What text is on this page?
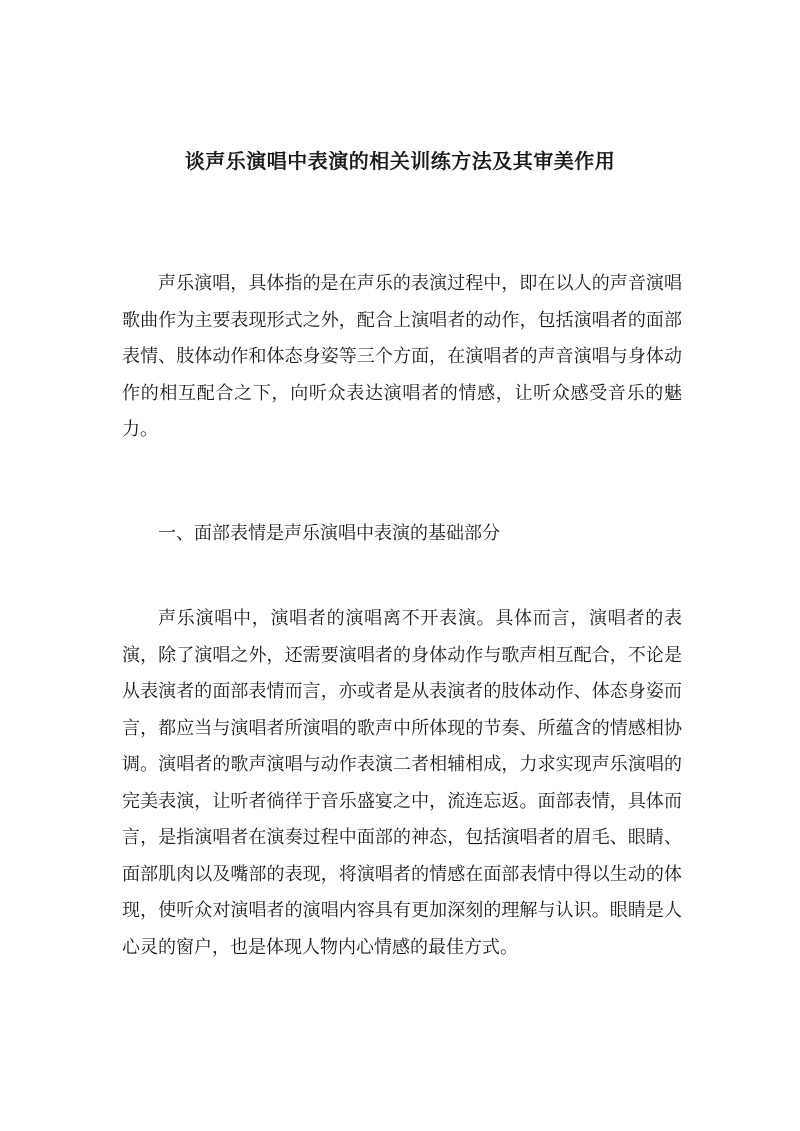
谈声乐演唱中表演的相关训练方法及其审美作用

声乐演唱，具体指的是在声乐的表演过程中，即在以人的声音演唱歌曲作为主要表现形式之外，配合上演唱者的动作，包括演唱者的面部表情、肢体动作和体态身姿等三个方面，在演唱者的声音演唱与身体动作的相互配合之下，向听众表达演唱者的情感，让听众感受音乐的魅力。

一、面部表情是声乐演唱中表演的基础部分

声乐演唱中，演唱者的演唱离不开表演。具体而言，演唱者的表演，除了演唱之外，还需要演唱者的身体动作与歌声相互配合，不论是从表演者的面部表情而言，亦或者是从表演者的肢体动作、体态身姿而言，都应当与演唱者所演唱的歌声中所体现的节奏、所蕴含的情感相协调。演唱者的歌声演唱与动作表演二者相辅相成，力求实现声乐演唱的完美表演，让听者徜徉于音乐盛宴之中，流连忘返。面部表情，具体而言，是指演唱者在演奏过程中面部的神态，包括演唱者的眉毛、眼睛、面部肌肉以及嘴部的表现，将演唱者的情感在面部表情中得以生动的体现，使听众对演唱者的演唱内容具有更加深刻的理解与认识。眼睛是人心灵的窗户，也是体现人物内心情感的最佳方式。
